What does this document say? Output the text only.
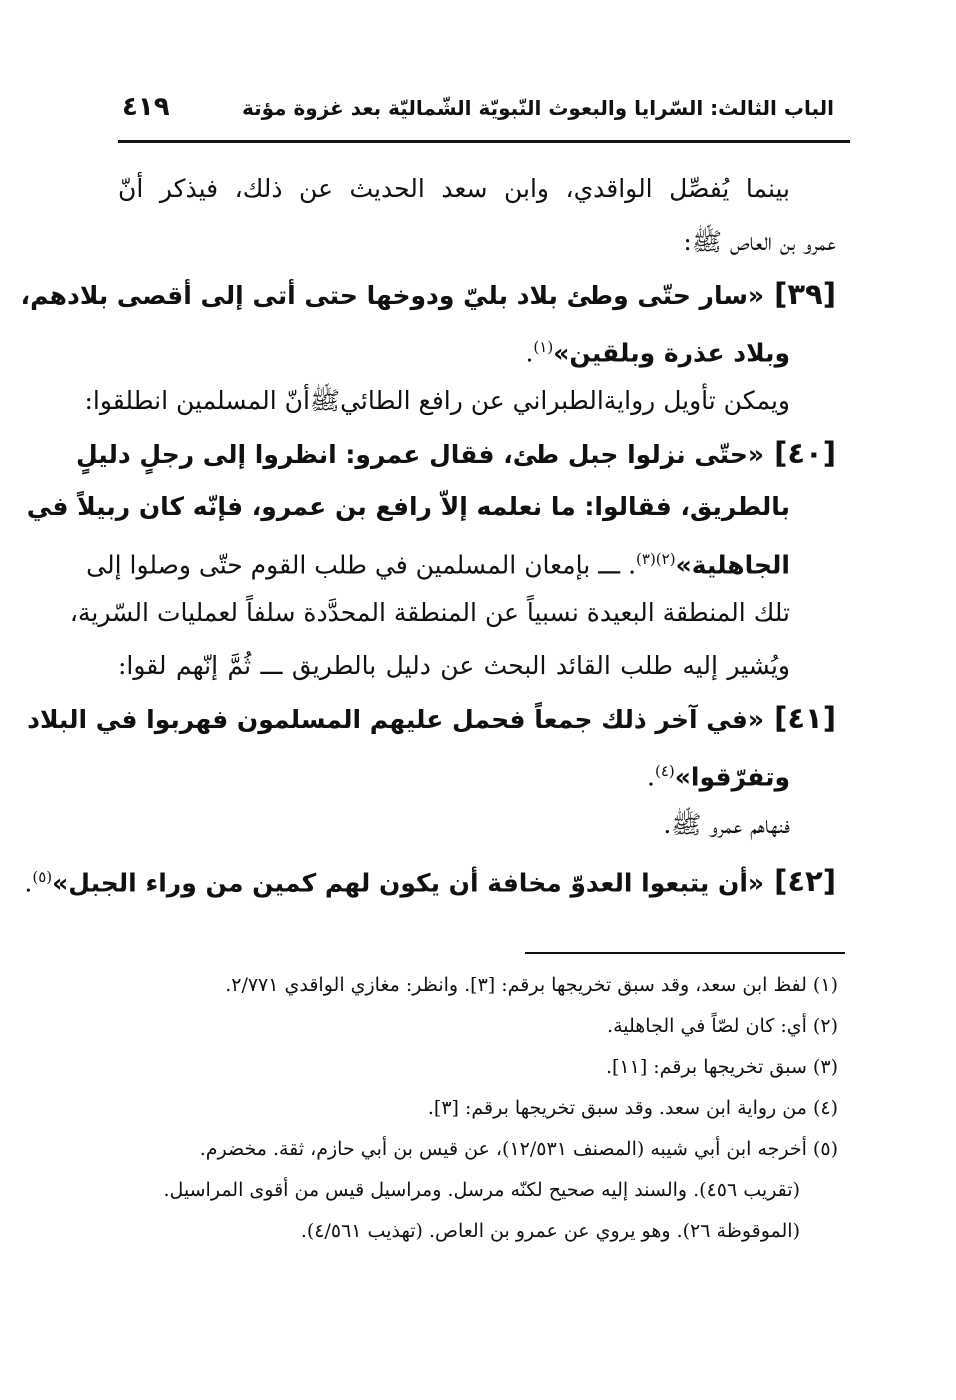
الباب الثالث: السّرايا والبعوث النّبويّة الشّماليّة بعد غزوة مؤتة
٤١٩
بينما يُفصِّل الواقدي، وابن سعد الحديث عن ذلك، فيذكر أنّ
عمرو بن العاص ﷺ:
[٣٩]«سار حتّى وطئ بلاد بليّ ودوخها حتى أتى إلى أقصى بلادهم،
وبلاد عذرة وبلقين»$^{(١)}$.
ويمكن تأويل روايةالطبراني عن رافع الطائيﷺأنّ المسلمين انطلقوا:
[٤٠]«حتّى نزلوا جبل طئ، فقال عمرو: انظروا إلى رجلٍ دليلٍ
بالطريق، فقالوا: ما نعلمه إلاّ رافع بن عمرو، فإنّه كان ربيلاً في
الجاهلية»$^{(٢)(٣)}$. ـــ بإمعان المسلمين في طلب القوم حتّى وصلوا إلى
تلك المنطقة البعيدة نسبياً عن المنطقة المحدَّدة سلفاً لعمليات السّرية،
ويُشير إليه طلب القائد البحث عن دليل بالطريق ـــ ثُمَّ إنّهم لقوا:
[٤١]«في آخر ذلك جمعاً فحمل عليهم المسلمون فهربوا في البلاد
وتفرّقوا»$^{(٤)}$.
فنهاهم عمرو ﷺ.
[٤٢]«أن يتبعوا العدوّ مخافة أن يكون لهم كمين من وراء الجبل»$^{(٥)}$.
(١) لفظ ابن سعد، وقد سبق تخريجها برقم: [٣]. وانظر: مغازي الواقدي ٢/٧٧١.
(٢) أي: كان لصّاً في الجاهلية.
(٣) سبق تخريجها برقم: [١١].
(٤) من رواية ابن سعد. وقد سبق تخريجها برقم: [٣].
(٥) أخرجه ابن أبي شيبه (المصنف ١٢/٥٣١)، عن قيس بن أبي حازم، ثقة. مخضرم.
(تقريب ٤٥٦). والسند إليه صحيح لكنّه مرسل. ومراسيل قيس من أقوى المراسيل.
(الموقوظة ٢٦). وهو يروي عن عمرو بن العاص. (تهذيب ٤/٥٦١).
